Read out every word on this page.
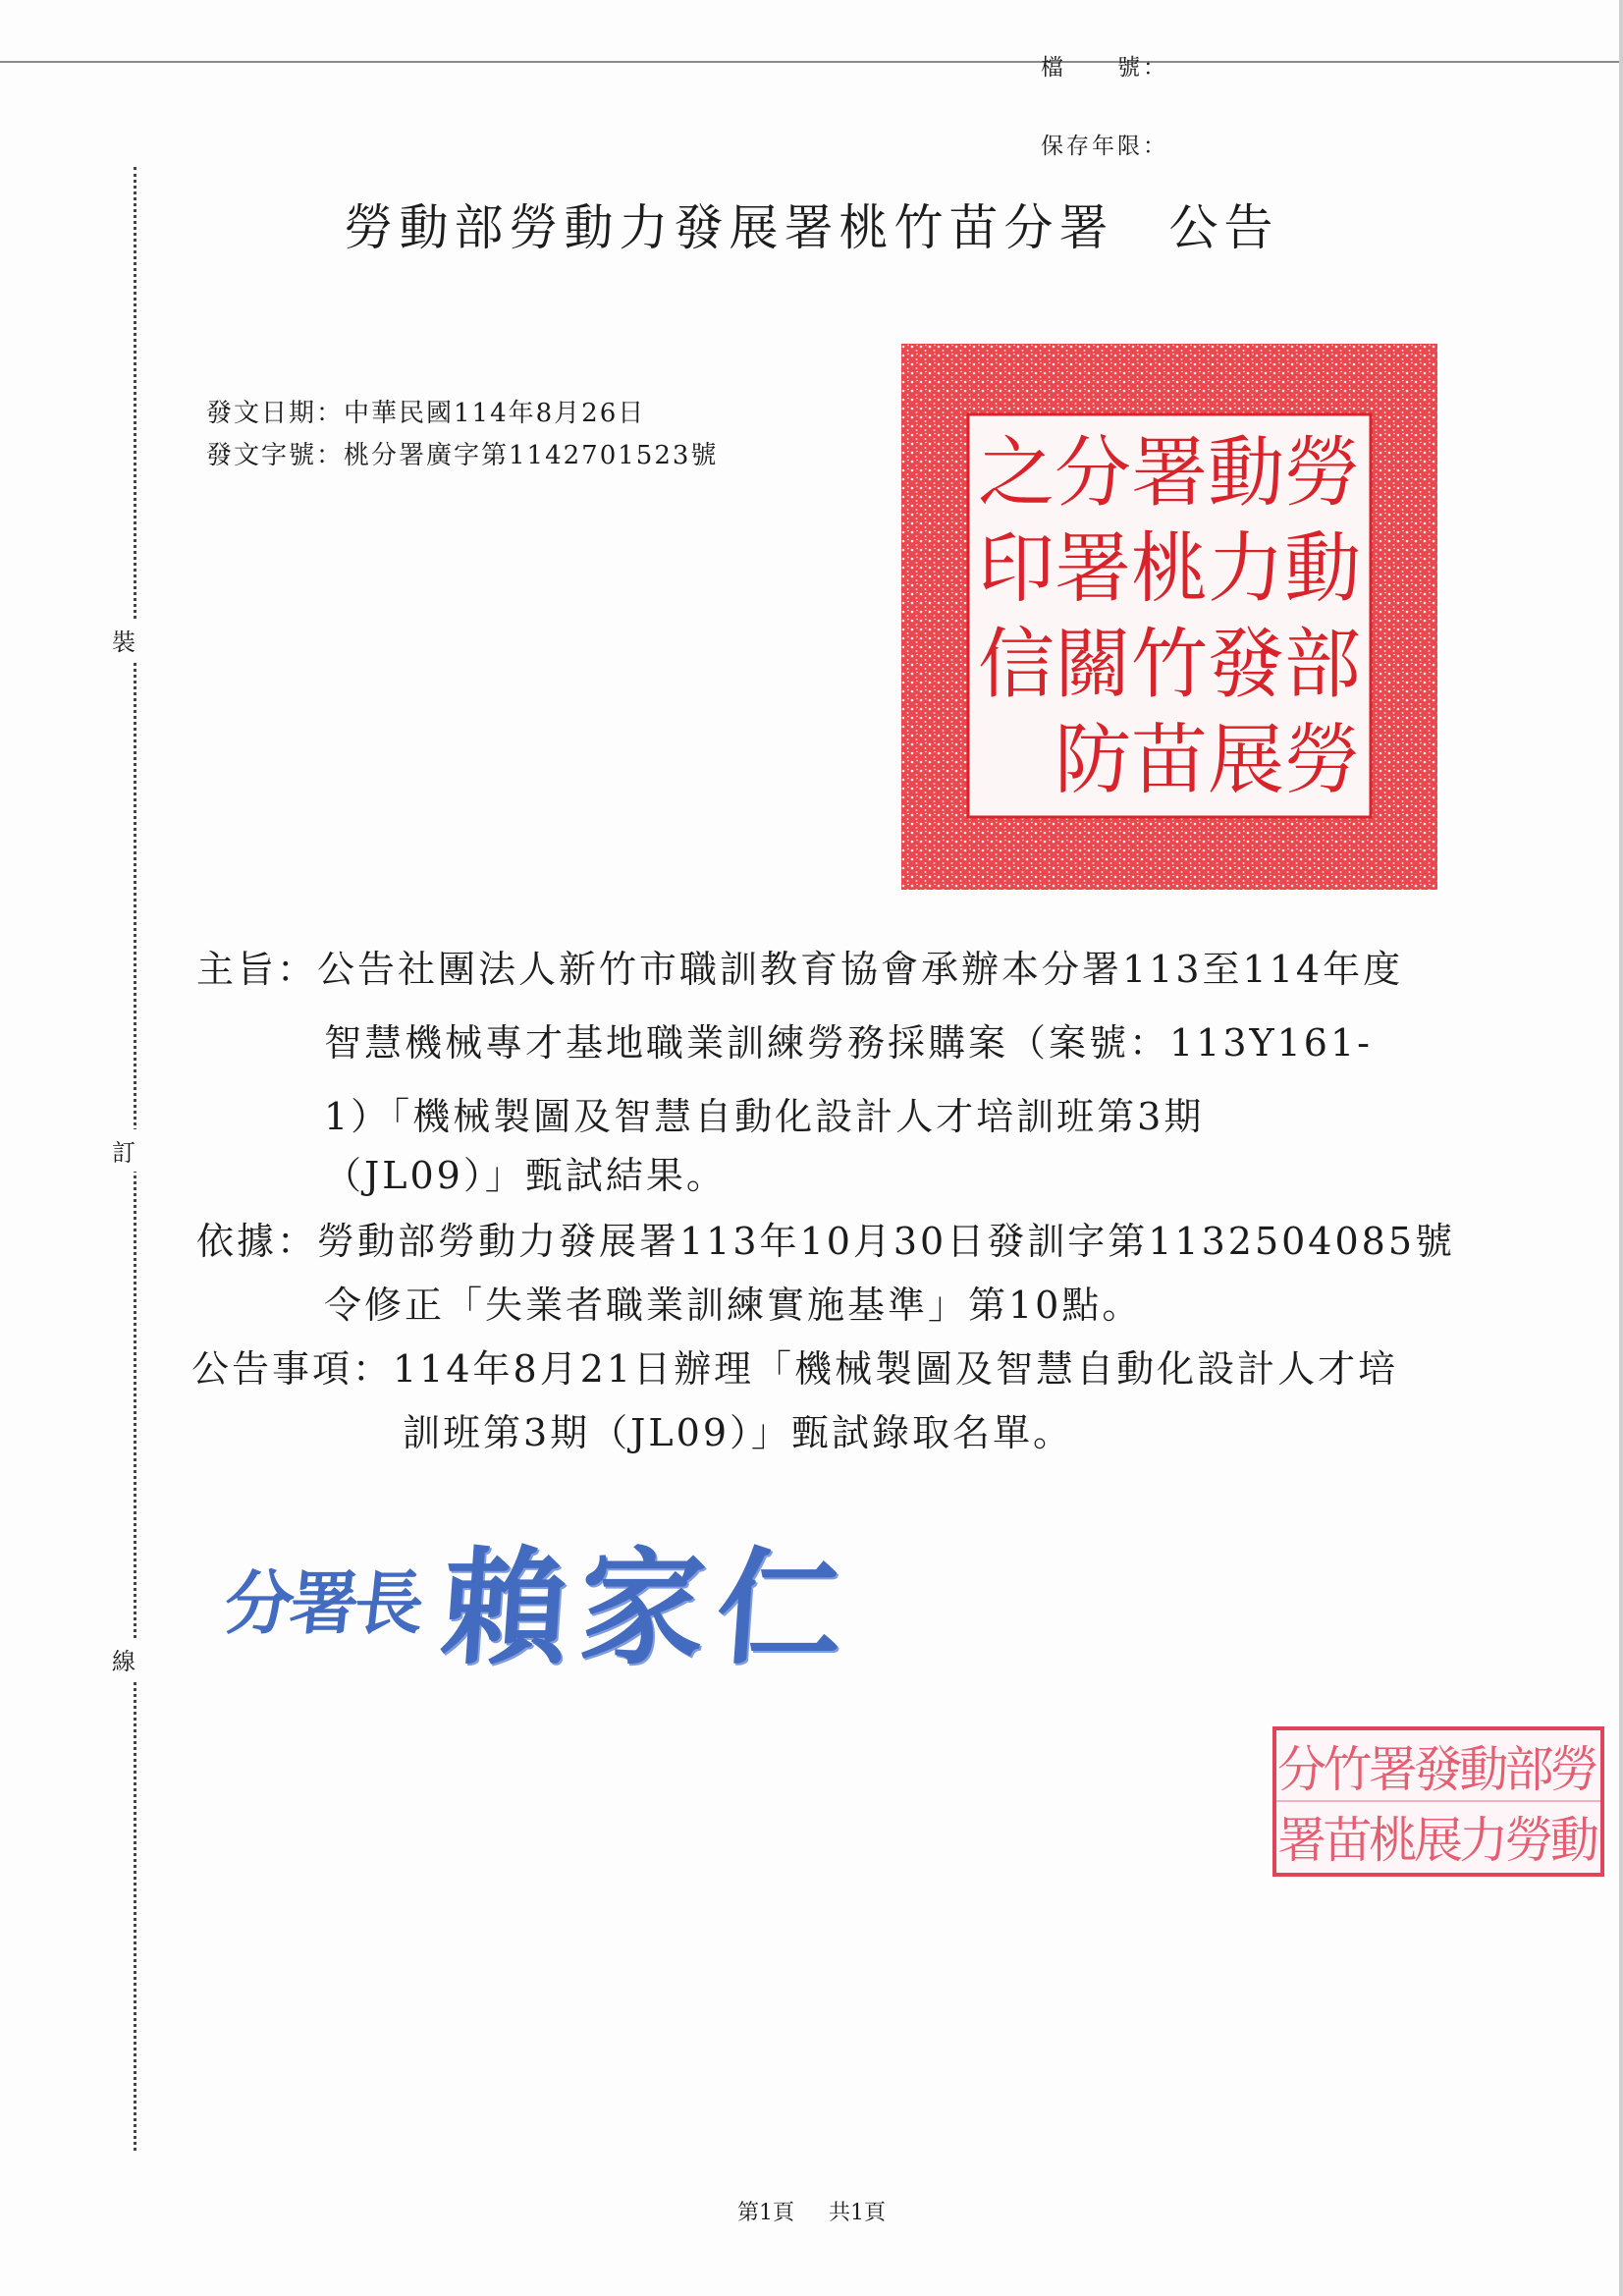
檔　　號：
保存年限：
勞動部勞動力發展署桃竹苗分署　公告
發文日期：中華民國114年8月26日
發文字號：桃分署廣字第1142701523號
裝
訂
線
勞
動
部
勞
動
力
發
展
署
桃
竹
苗
分
署
關
防
之
印
信
主旨：公告社團法人新竹市職訓教育協會承辦本分署113至114年度
智慧機械專才基地職業訓練勞務採購案（案號：113Y161-
1）「機械製圖及智慧自動化設計人才培訓班第3期
（JL09）」甄試結果。
依據：勞動部勞動力發展署113年10月30日發訓字第1132504085號
令修正「失業者職業訓練實施基準」第10點。
公告事項：114年8月21日辦理「機械製圖及智慧自動化設計人才培
訓班第3期（JL09）」甄試錄取名單。
分署長 賴家仁
勞
動
部
勞
動
力
發
展
署
桃
竹
苗
分
署
第1頁 共1頁
